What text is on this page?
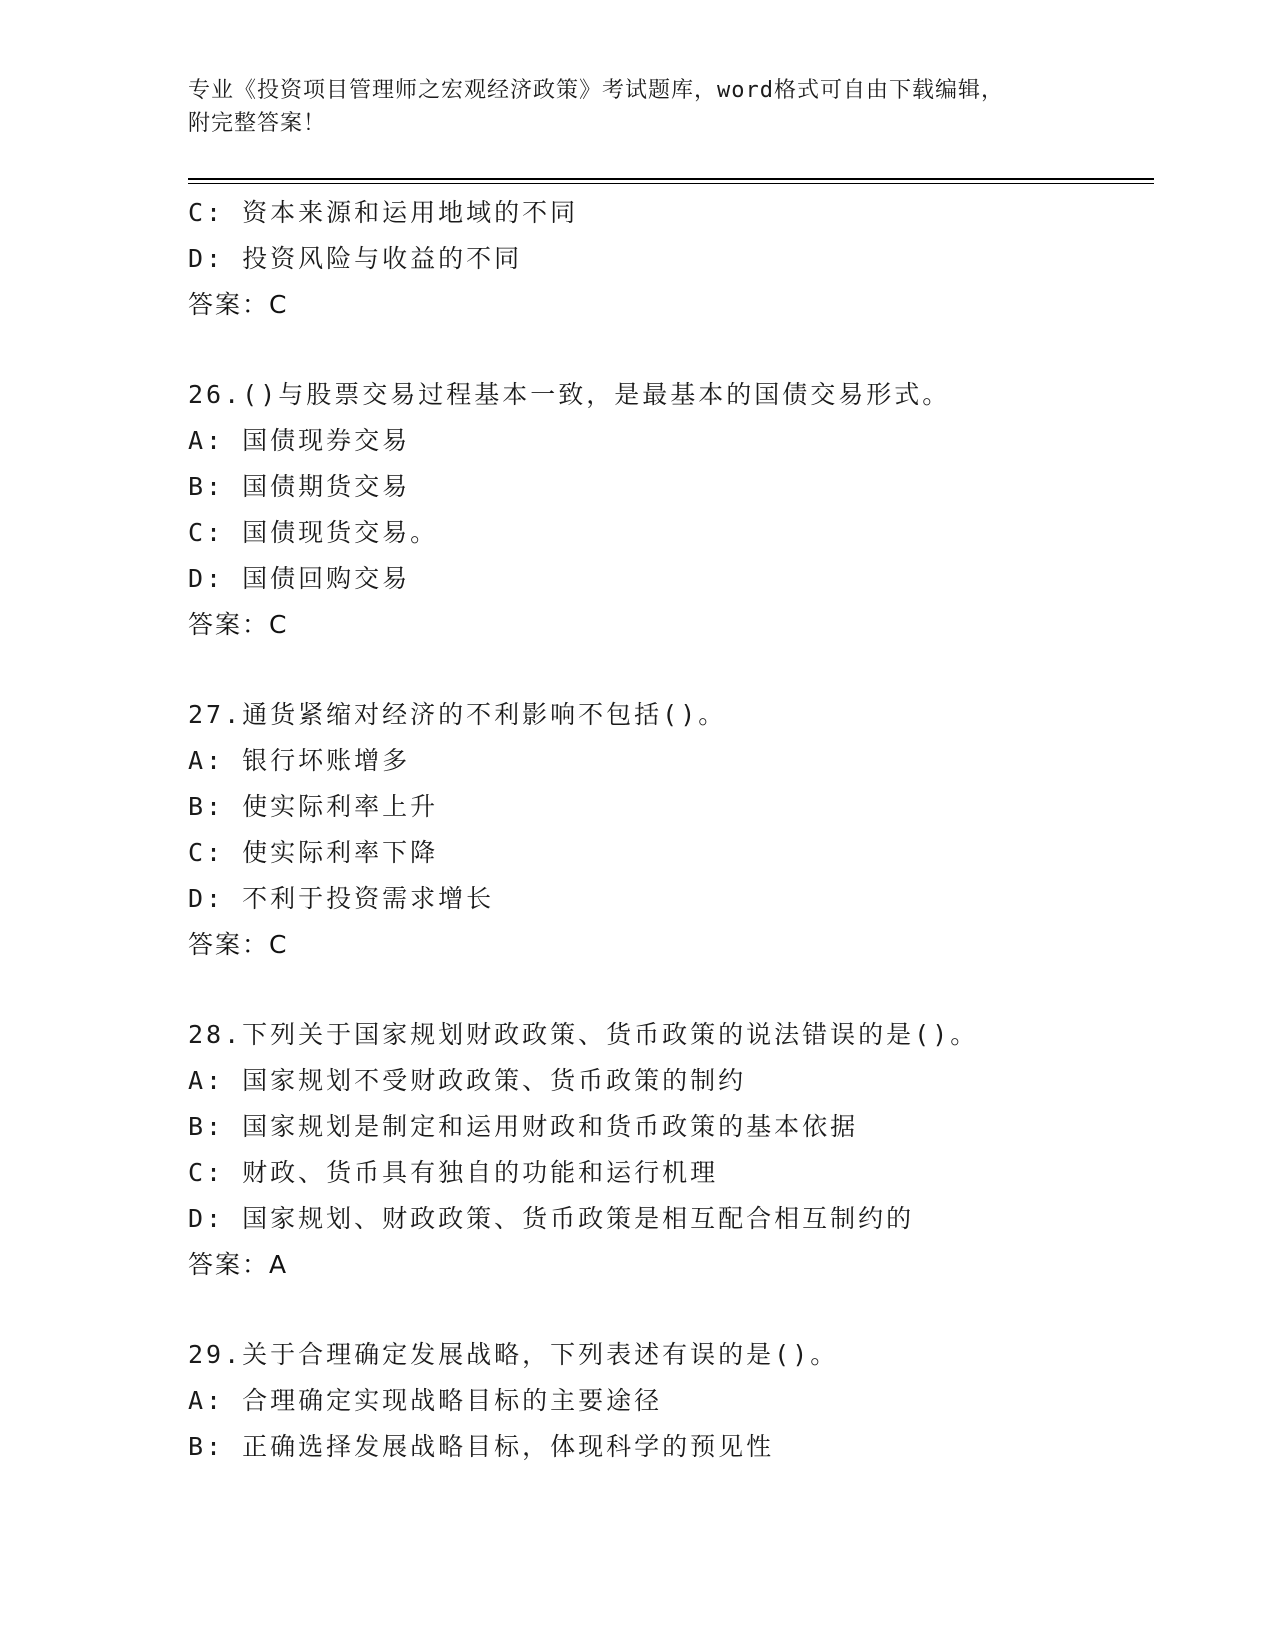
专业《投资项目管理师之宏观经济政策》考试题库，word格式可自由下载编辑，
附完整答案！
C: 资本来源和运用地域的不同
D: 投资风险与收益的不同
答案：C
26.()与股票交易过程基本一致，是最基本的国债交易形式。
A: 国债现券交易
B: 国债期货交易
C: 国债现货交易。
D: 国债回购交易
答案：C
27.通货紧缩对经济的不利影响不包括()。
A: 银行坏账增多
B: 使实际利率上升
C: 使实际利率下降
D: 不利于投资需求增长
答案：C
28.下列关于国家规划财政政策、货币政策的说法错误的是()。
A: 国家规划不受财政政策、货币政策的制约
B: 国家规划是制定和运用财政和货币政策的基本依据
C: 财政、货币具有独自的功能和运行机理
D: 国家规划、财政政策、货币政策是相互配合相互制约的
答案：A
29.关于合理确定发展战略，下列表述有误的是()。
A: 合理确定实现战略目标的主要途径
B: 正确选择发展战略目标，体现科学的预见性
